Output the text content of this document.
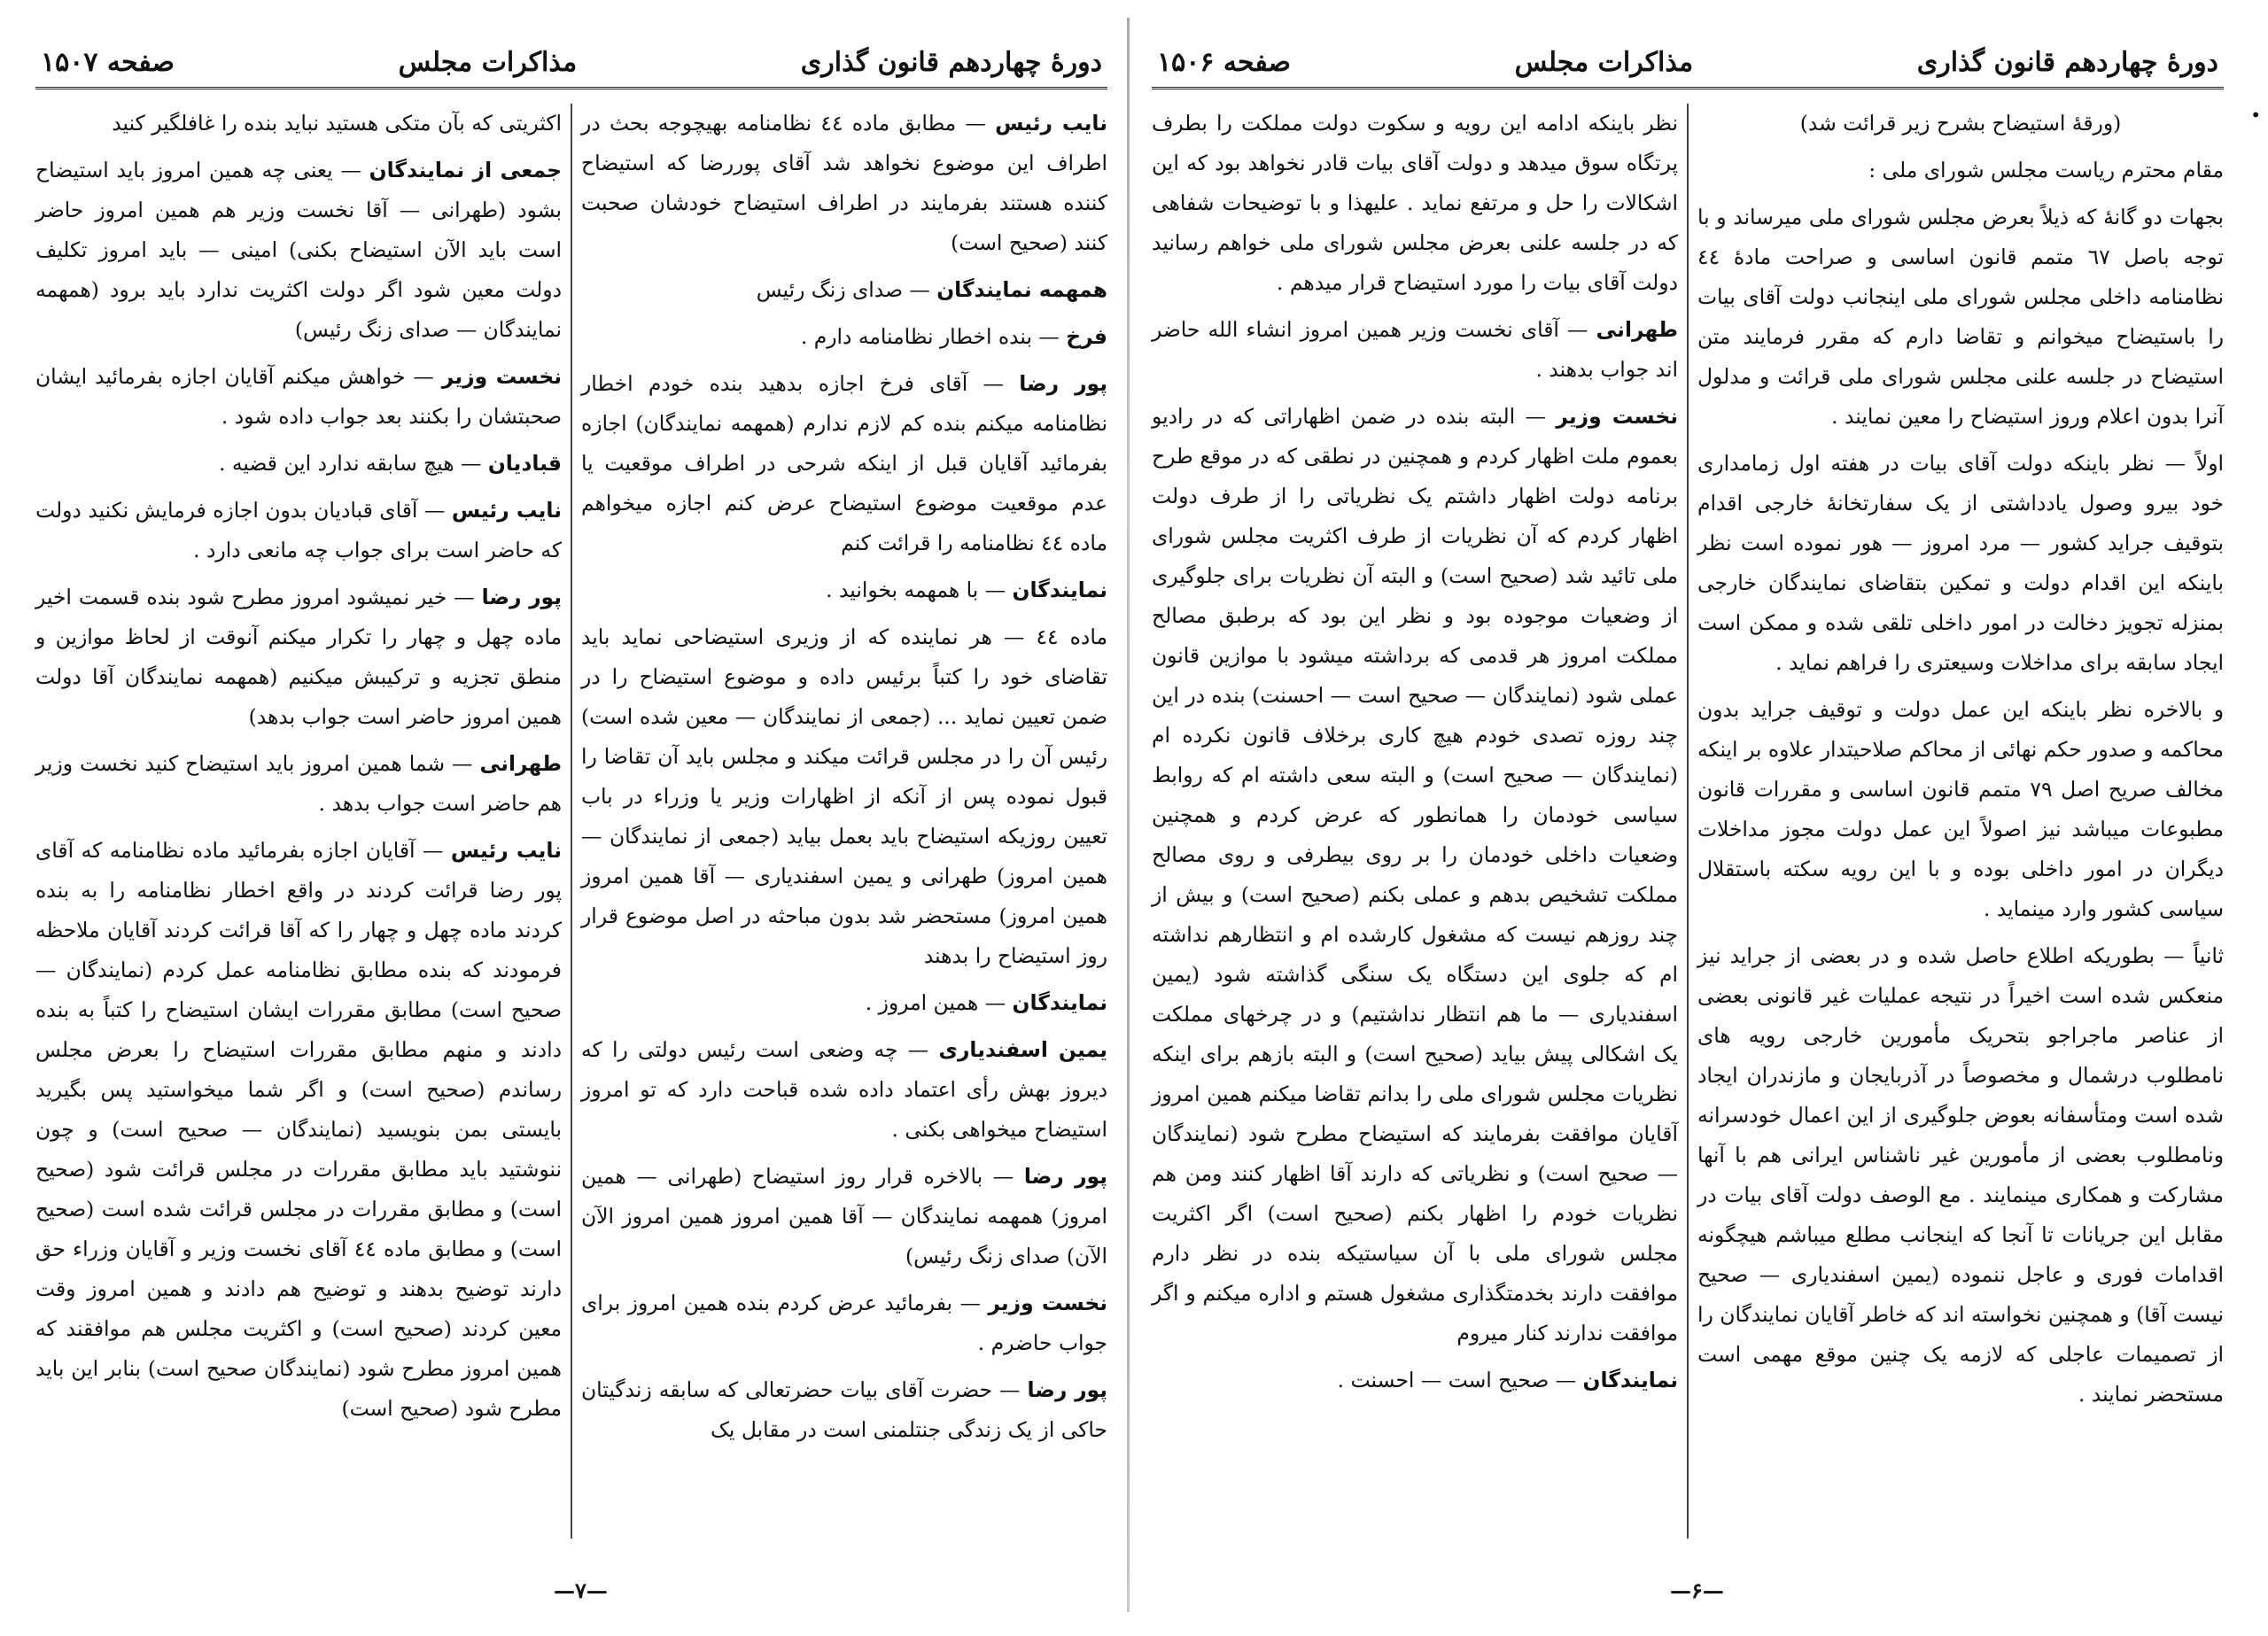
•
دورهٔ چهاردهم قانون گذاری
مذاکرات مجلس
صفحه ۱۵۰۷

نایب رئیس — مطابق ماده ٤٤ نظامنامه بهیچوجه بحث در اطراف این موضوع نخواهد شد آقای پوررضا که استیضاح کننده هستند بفرمایند در اطراف استیضاح خودشان صحبت کنند (صحیح است)

همهمه نمایندگان — صدای زنگ رئیس

فرخ — بنده اخطار نظامنامه دارم .

پور رضا — آقای فرخ اجازه بدهید بنده خودم اخطار نظامنامه میکنم بنده کم لازم ندارم (همهمه نمایندگان) اجازه بفرمائید آقایان قبل از اینکه شرحی در اطراف موقعیت یا عدم موقعیت موضوع استیضاح عرض کنم اجازه میخواهم ماده ٤٤ نظامنامه را قرائت کنم

نمایندگان — با همهمه بخوانید .

ماده ٤٤ — هر نماینده که از وزیری استیضاحی نماید باید تقاضای خود را کتباً برئیس داده و موضوع استیضاح را در ضمن تعیین نماید ... (جمعی از نمایندگان — معین شده است) رئیس آن را در مجلس قرائت میکند و مجلس باید آن تقاضا را قبول نموده پس از آنکه از اظهارات وزیر یا وزراء در باب تعیین روزیکه استیضاح باید بعمل بیاید (جمعی از نمایندگان — همین امروز) طهرانی و یمین اسفندیاری — آقا همین امروز همین امروز) مستحضر شد بدون مباحثه در اصل موضوع قرار روز استیضاح را بدهند

نمایندگان — همین امروز .

یمین اسفندیاری — چه وضعی است رئیس دولتی را که دیروز بهش رأی اعتماد داده شده قباحت دارد که تو امروز استیضاح میخواهی بکنی .

پور رضا — بالاخره قرار روز استیضاح (طهرانی — همین امروز) همهمه نمایندگان — آقا همین امروز همین امروز الآن الآن) صدای زنگ رئیس)

نخست وزیر — بفرمائید عرض کردم بنده همین امروز برای جواب حاضرم .

پور رضا — حضرت آقای بیات حضرتعالی که سابقه زندگیتان حاکی از یک زندگی جنتلمنی است در مقابل یک

اکثریتی که بآن متکی هستید نباید بنده را غافلگیر کنید

جمعی از نمایندگان — یعنی چه همین امروز باید استیضاح بشود (طهرانی — آقا نخست وزیر هم همین امروز حاضر است باید الآن استیضاح بکنی) امینی — باید امروز تکلیف دولت معین شود اگر دولت اکثریت ندارد باید برود (همهمه نمایندگان — صدای زنگ رئیس)

نخست وزیر — خواهش میکنم آقایان اجازه بفرمائید ایشان صحبتشان را بکنند بعد جواب داده شود .

قبادیان — هیچ سابقه ندارد این قضیه .

نایب رئیس — آقای قبادیان بدون اجازه فرمایش نکنید دولت که حاضر است برای جواب چه مانعی دارد .

پور رضا — خیر نمیشود امروز مطرح شود بنده قسمت اخیر ماده چهل و چهار را تکرار میکنم آنوقت از لحاظ موازین و منطق تجزیه و ترکیبش میکنیم (همهمه نمایندگان آقا دولت همین امروز حاضر است جواب بدهد)

طهرانی — شما همین امروز باید استیضاح کنید نخست وزیر هم حاضر است جواب بدهد .

نایب رئیس — آقایان اجازه بفرمائید ماده نظامنامه که آقای پور رضا قرائت کردند در واقع اخطار نظامنامه را به بنده کردند ماده چهل و چهار را که آقا قرائت کردند آقایان ملاحظه فرمودند که بنده مطابق نظامنامه عمل کردم (نمایندگان — صحیح است) مطابق مقررات ایشان استیضاح را کتباً به بنده دادند و منهم مطابق مقررات استیضاح را بعرض مجلس رساندم (صحیح است) و اگر شما میخواستید پس بگیرید بایستی بمن بنویسید (نمایندگان — صحیح است) و چون ننوشتید باید مطابق مقررات در مجلس قرائت شود (صحیح است) و مطابق مقررات در مجلس قرائت شده است (صحیح است) و مطابق ماده ٤٤ آقای نخست وزیر و آقایان وزراء حق دارند توضیح بدهند و توضیح هم دادند و همین امروز وقت معین کردند (صحیح است) و اکثریت مجلس هم موافقند که همین امروز مطرح شود (نمایندگان صحیح است) بنابر این باید مطرح شود (صحیح است)

—۷—
دورهٔ چهاردهم قانون گذاری
مذاکرات مجلس
صفحه ۱۵۰۶

(ورقهٔ استیضاح بشرح زیر قرائت شد)

مقام محترم ریاست مجلس شورای ملی :

بجهات دو گانهٔ که ذیلاً بعرض مجلس شورای ملی میرساند و با توجه باصل ٦٧ متمم قانون اساسی و صراحت مادهٔ ٤٤ نظامنامه داخلی مجلس شورای ملی اینجانب دولت آقای بیات را باستیضاح میخوانم و تقاضا دارم که مقرر فرمایند متن استیضاح در جلسه علنی مجلس شورای ملی قرائت و مدلول آنرا بدون اعلام وروز استیضاح را معین نمایند .

اولاً — نظر باینکه دولت آقای بیات در هفته اول زمامداری خود بیرو وصول یادداشتی از یک سفارتخانهٔ خارجی اقدام بتوقیف جراید کشور — مرد امروز — هور نموده است نظر باینکه این اقدام دولت و تمکین بتقاضای نمایندگان خارجی بمنزله تجویز دخالت در امور داخلی تلقی شده و ممکن است ایجاد سابقه برای مداخلات وسیعتری را فراهم نماید .

و بالاخره نظر باینکه این عمل دولت و توقیف جراید بدون محاکمه و صدور حکم نهائی از محاکم صلاحیتدار علاوه بر اینکه مخالف صریح اصل ٧٩ متمم قانون اساسی و مقررات قانون مطبوعات میباشد نیز اصولاً این عمل دولت مجوز مداخلات دیگران در امور داخلی بوده و با این رویه سکته باستقلال سیاسی کشور وارد مینماید .

ثانیاً — بطوریکه اطلاع حاصل شده و در بعضی از جراید نیز منعکس شده است اخیراً در نتیجه عملیات غیر قانونی بعضی از عناصر ماجراجو بتحریک مأمورین خارجی رویه های نامطلوب درشمال و مخصوصاً در آذربایجان و مازندران ایجاد شده است ومتأسفانه بعوض جلوگیری از این اعمال خودسرانه ونامطلوب بعضی از مأمورین غیر ناشناس ایرانی هم با آنها مشارکت و همکاری مینمایند . مع الوصف دولت آقای بیات در مقابل این جریانات تا آنجا که اینجانب مطلع میباشم هیچگونه اقدامات فوری و عاجل ننموده (یمین اسفندیاری — صحیح نیست آقا) و همچنین نخواسته اند که خاطر آقایان نمایندگان را از تصمیمات عاجلی که لازمه یک چنین موقع مهمی است مستحضر نمایند .

نظر باینکه ادامه این رویه و سکوت دولت مملکت را بطرف پرتگاه سوق میدهد و دولت آقای بیات قادر نخواهد بود که این اشکالات را حل و مرتفع نماید . علیهذا و با توضیحات شفاهی که در جلسه علنی بعرض مجلس شورای ملی خواهم رسانید دولت آقای بیات را مورد استیضاح قرار میدهم .

طهرانی — آقای نخست وزیر همین امروز انشاء الله حاضر اند جواب بدهند .

نخست وزیر — البته بنده در ضمن اظهاراتی که در رادیو بعموم ملت اظهار کردم و همچنین در نطقی که در موقع طرح برنامه دولت اظهار داشتم یک نظریاتی را از طرف دولت اظهار کردم که آن نظریات از طرف اکثریت مجلس شورای ملی تائید شد (صحیح است) و البته آن نظریات برای جلوگیری از وضعیات موجوده بود و نظر این بود که برطبق مصالح مملکت امروز هر قدمی که برداشته میشود با موازین قانون عملی شود (نمایندگان — صحیح است — احسنت) بنده در این چند روزه تصدی خودم هیچ کاری برخلاف قانون نکرده ام (نمایندگان — صحیح است) و البته سعی داشته ام که روابط سیاسی خودمان را همانطور که عرض کردم و همچنین وضعیات داخلی خودمان را بر روی بیطرفی و روی مصالح مملکت تشخیص بدهم و عملی بکنم (صحیح است) و بیش از چند روزهم نیست که مشغول کارشده ام و انتظارهم نداشته ام که جلوی این دستگاه یک سنگی گذاشته شود (یمین اسفندیاری — ما هم انتظار نداشتیم) و در چرخهای مملکت یک اشکالی پیش بیاید (صحیح است) و البته بازهم برای اینکه نظریات مجلس شورای ملی را بدانم تقاضا میکنم همین امروز آقایان موافقت بفرمایند که استیضاح مطرح شود (نمایندگان — صحیح است) و نظریاتی که دارند آقا اظهار کنند ومن هم نظریات خودم را اظهار بکنم (صحیح است) اگر اکثریت مجلس شورای ملی با آن سیاستیکه بنده در نظر دارم موافقت دارند بخدمتگذاری مشغول هستم و اداره میکنم و اگر موافقت ندارند کنار میروم

نمایندگان — صحیح است — احسنت .

—۶—
